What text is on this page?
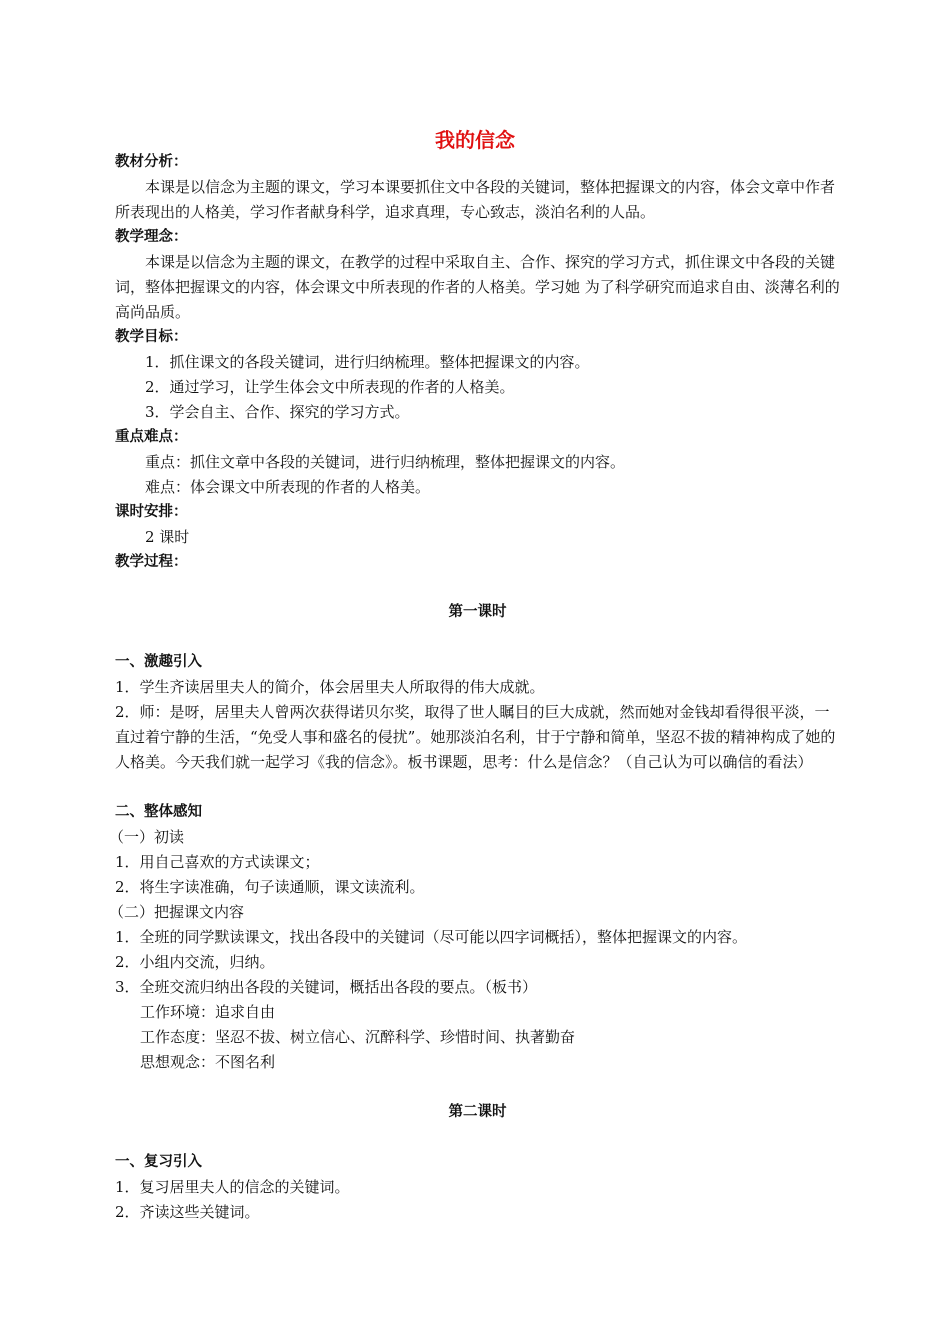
我的信念
教材分析：
本课是以信念为主题的课文，学习本课要抓住文中各段的关键词，整体把握课文的内容，体会文章中作者所表现出的人格美，学习作者献身科学，追求真理，专心致志，淡泊名利的人品。
教学理念：
本课是以信念为主题的课文，在教学的过程中采取自主、合作、探究的学习方式，抓住课文中各段的关键词，整体把握课文的内容，体会课文中所表现的作者的人格美。学习她 为了科学研究而追求自由、淡薄名利的高尚品质。
教学目标：
1．抓住课文的各段关键词，进行归纳梳理。整体把握课文的内容。
2．通过学习，让学生体会文中所表现的作者的人格美。
3．学会自主、合作、探究的学习方式。
重点难点：
重点：抓住文章中各段的关键词，进行归纳梳理，整体把握课文的内容。
难点：体会课文中所表现的作者的人格美。
课时安排：
2 课时
教学过程：
第一课时
一、激趣引入
1．学生齐读居里夫人的简介，体会居里夫人所取得的伟大成就。
2．师：是呀，居里夫人曾两次获得诺贝尔奖，取得了世人瞩目的巨大成就，然而她对金钱却看得很平淡，一直过着宁静的生活，“免受人事和盛名的侵扰”。她那淡泊名利，甘于宁静和简单，坚忍不拔的精神构成了她的人格美。今天我们就一起学习《我的信念》。板书课题，思考：什么是信念？（自己认为可以确信的看法）
二、整体感知
（一）初读
1．用自己喜欢的方式读课文；
2．将生字读准确，句子读通顺，课文读流利。
（二）把握课文内容
1．全班的同学默读课文，找出各段中的关键词（尽可能以四字词概括），整体把握课文的内容。
2．小组内交流，归纳。
3．全班交流归纳出各段的关键词，概括出各段的要点。（板书）
工作环境：追求自由
工作态度：坚忍不拔、树立信心、沉醉科学、珍惜时间、执著勤奋
思想观念：不图名利
第二课时
一、复习引入
1．复习居里夫人的信念的关键词。
2．齐读这些关键词。
